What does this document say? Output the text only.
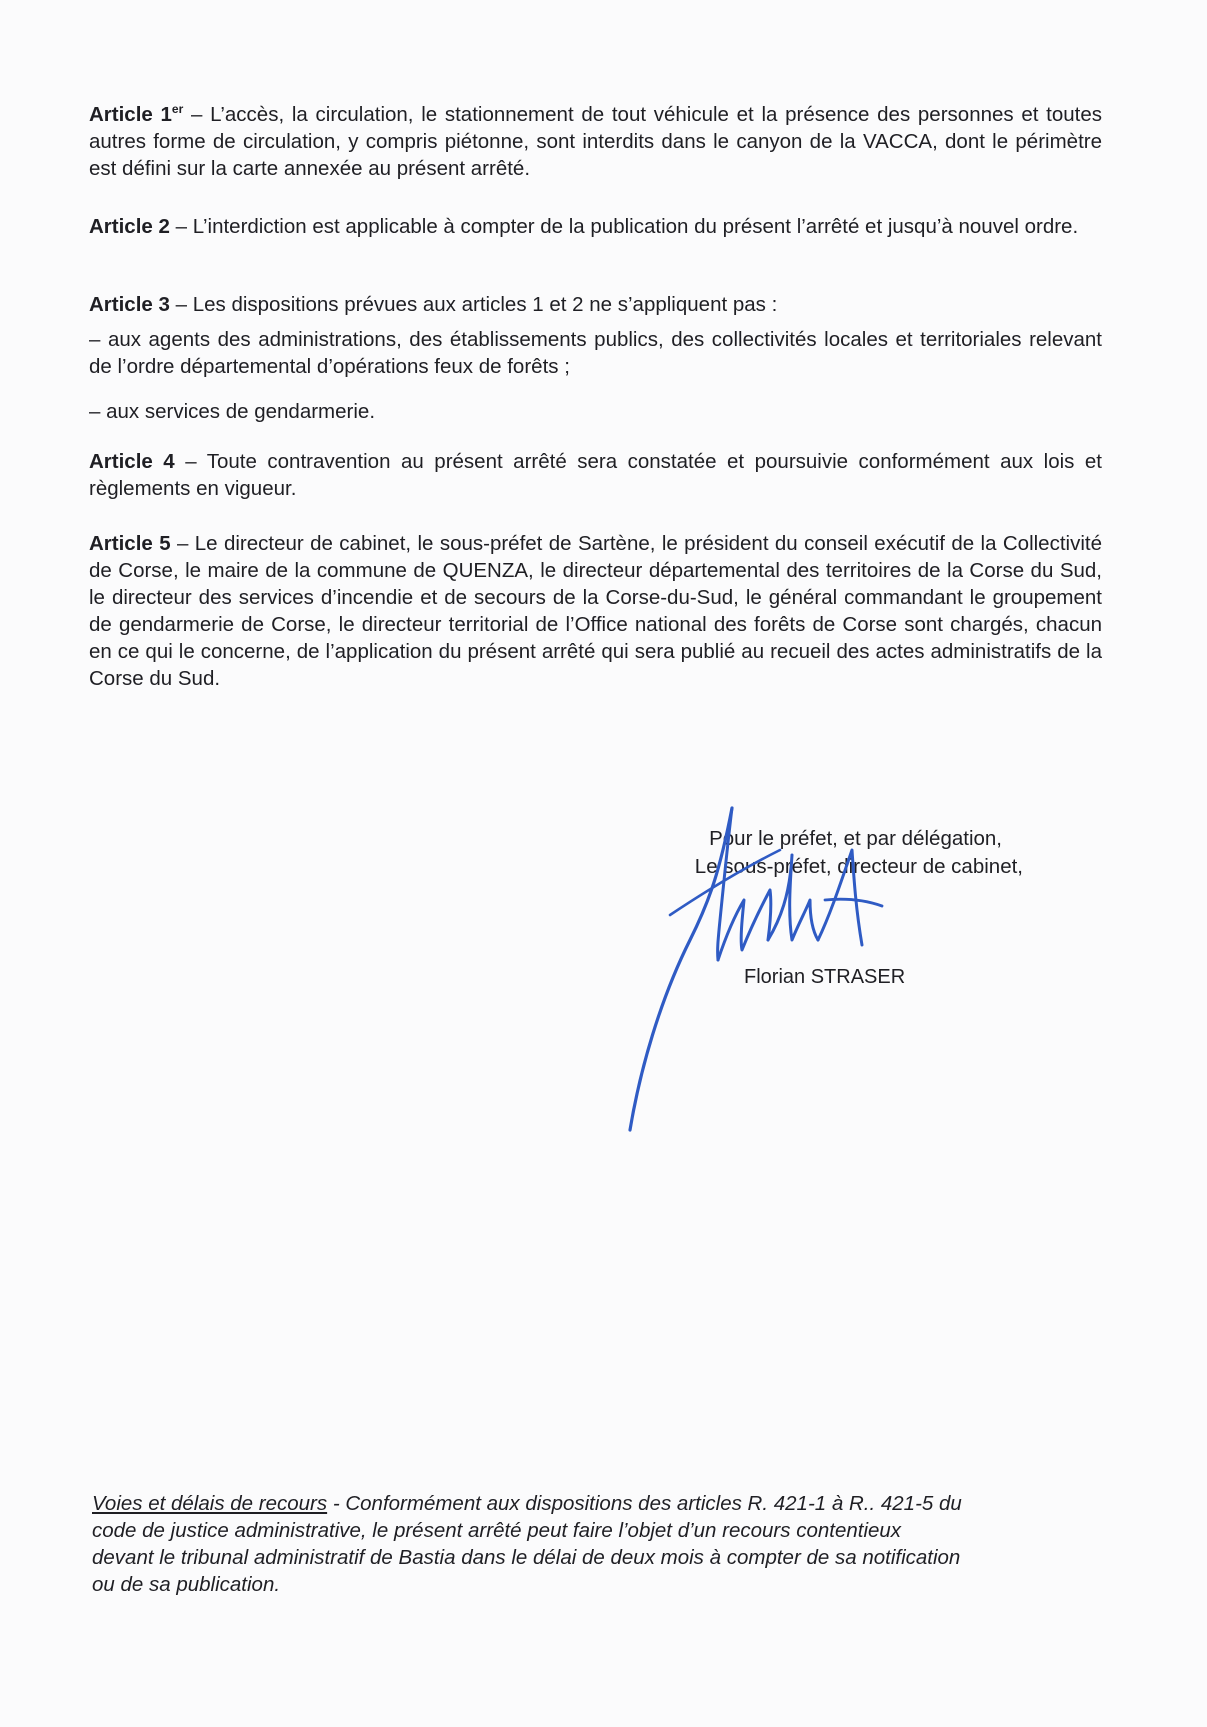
Article 1er – L’accès, la circulation, le stationnement de tout véhicule et la présence des personnes et toutes autres forme de circulation, y compris piétonne, sont interdits dans le canyon de la VACCA, dont le périmètre est défini sur la carte annexée au présent arrêté.

Article 2 – L’interdiction est applicable à compter de la publication du présent l’arrêté et jusqu’à nouvel ordre.

Article 3 – Les dispositions prévues aux articles 1 et 2 ne s’appliquent pas :

– aux agents des administrations, des établissements publics, des collectivités locales et territoriales relevant de l’ordre départemental d’opérations feux de forêts ;

– aux services de gendarmerie.

Article 4 – Toute contravention au présent arrêté sera constatée et poursuivie conformément aux lois et règlements en vigueur.

Article 5 – Le directeur de cabinet, le sous-préfet de Sartène, le président du conseil exécutif de la Collectivité de Corse, le maire de la commune de QUENZA, le directeur départemental des territoires de la Corse du Sud, le directeur des services d’incendie et de secours de la Corse-du-Sud, le général commandant le groupement de gendarmerie de Corse, le directeur territorial de l’Office national des forêts de Corse sont chargés, chacun en ce qui le concerne, de l’application du présent arrêté qui sera publié au recueil des actes administratifs de la Corse du Sud.

Pour le préfet, et par délégation,
Le sous-préfet, directeur de cabinet,
Florian STRASER

Voies et délais de recours - Conformément aux dispositions des articles R. 421-1 à R.. 421-5 du
code de justice administrative, le présent arrêté peut faire l’objet d’un recours contentieux
devant le tribunal administratif de Bastia dans le délai de deux mois à compter de sa notification
ou de sa publication.
